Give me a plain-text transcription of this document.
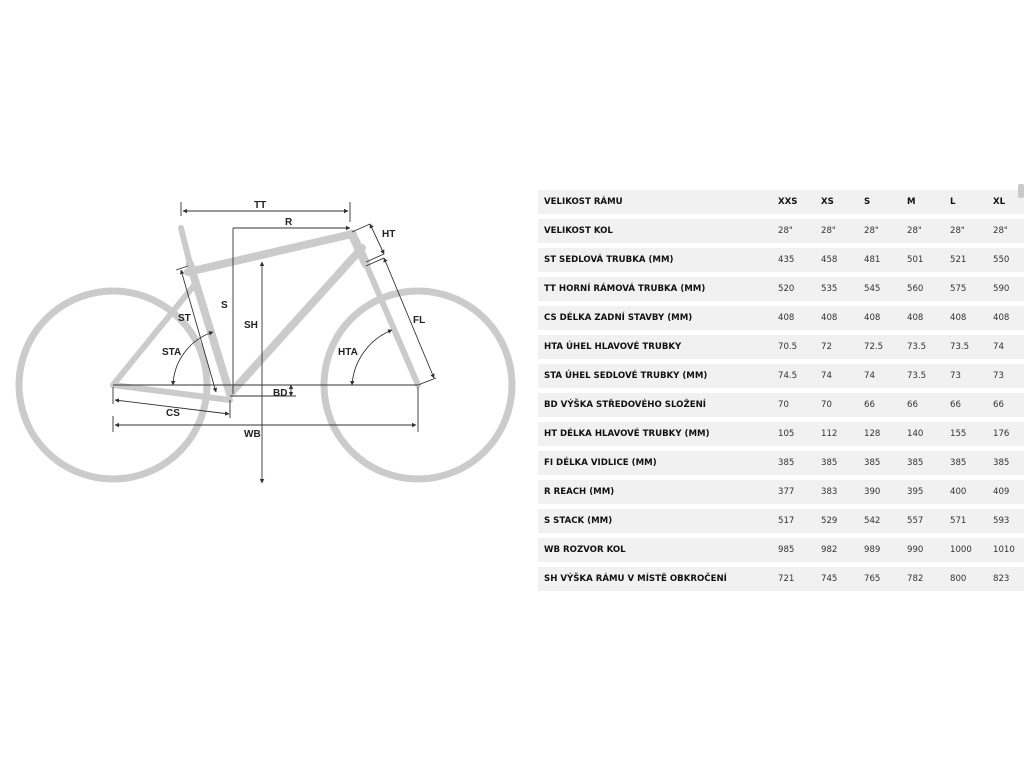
TT
R
HT
S
SH
ST
STA	HTA
FL
BD
CS
WB
VELIKOST RÁMU	XXS	XS	S	M	L	XL
VELIKOST KOL	28"	28"	28"	28"	28"	28"
ST SEDLOVÁ TRUBKA (MM)	435	458	481	501	521	550
TT HORNÍ RÁMOVÁ TRUBKA (MM)	520	535	545	560	575	590
CS DÉLKA ZADNÍ STAVBY (MM)	408	408	408	408	408	408
HTA ÚHEL HLAVOVÉ TRUBKY	70.5	72	72.5	73.5	73.5	74
STA ÚHEL SEDLOVÉ TRUBKY (MM)	74.5	74	74	73.5	73	73
BD VÝŠKA STŘEDOVÉHO SLOŽENÍ	70	70	66	66	66	66
HT DÉLKA HLAVOVÉ TRUBKY (MM)	105	112	128	140	155	176
FI DÉLKA VIDLICE (MM)	385	385	385	385	385	385
R REACH (MM)	377	383	390	395	400	409
S STACK (MM)	517	529	542	557	571	593
WB ROZVOR KOL	985	982	989	990	1000	1010
SH VÝŠKA RÁMU V MÍSTĚ OBKROČENÍ	721	745	765	782	800	823
